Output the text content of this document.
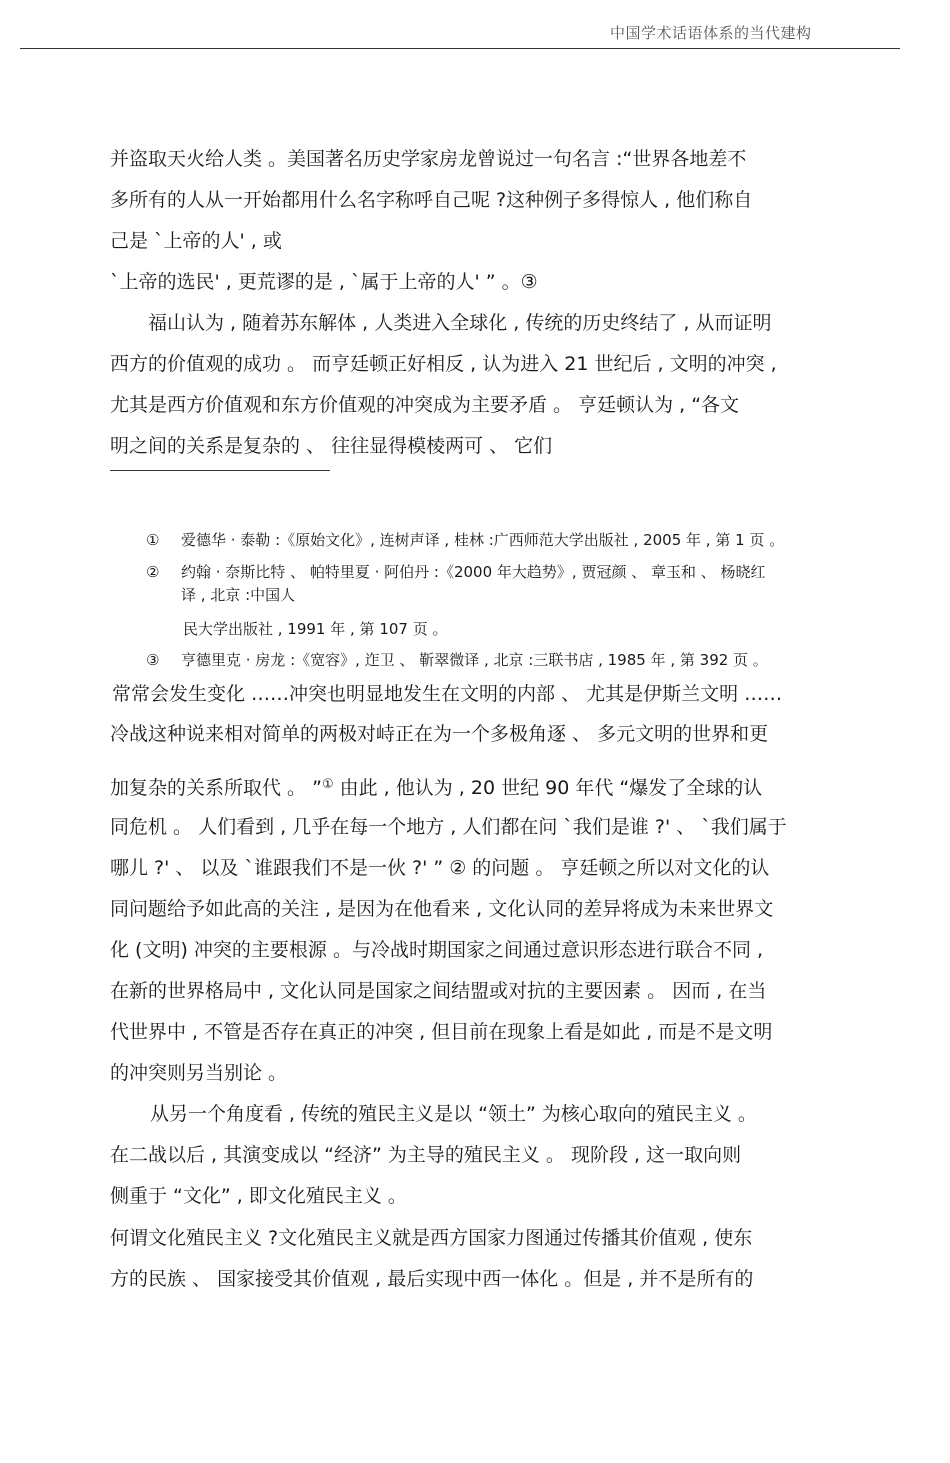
中国学术话语体系的当代建构

并盗取天火给人类 。美国著名历史学家房龙曾说过一句名言 :“世界各地差不

多所有的人从一开始都用什么名字称呼自己呢 ?这种例子多得惊人 , 他们称自

己是 `上帝的人' , 或

`上帝的选民' , 更荒谬的是 , `属于上帝的人' ” 。③

福山认为 , 随着苏东解体 , 人类进入全球化 , 传统的历史终结了 , 从而证明

西方的价值观的成功 。 而亨廷顿正好相反 , 认为进入 21 世纪后 , 文明的冲突 ,

尤其是西方价值观和东方价值观的冲突成为主要矛盾 。 亨廷顿认为 , “各文

明之间的关系是复杂的 、 往往显得模棱两可 、 它们

① 爱德华 · 泰勒 :《原始文化》, 连树声译 , 桂林 :广西师范大学出版社 , 2005 年 , 第 1 页 。

② 约翰 · 奈斯比特 、 帕特里夏 · 阿伯丹 :《2000 年大趋势》, 贾冠颜 、 章玉和 、 杨晓红

译 , 北京 :中国人

民大学出版社 , 1991 年 , 第 107 页 。

③ 亨德里克 · 房龙 :《宽容》, 迮卫 、 靳翠微译 , 北京 :三联书店 , 1985 年 , 第 392 页 。

常常会发生变化 ……冲突也明显地发生在文明的内部 、 尤其是伊斯兰文明 ……

冷战这种说来相对简单的两极对峙正在为一个多极角逐 、 多元文明的世界和更

加复杂的关系所取代 。 ”① 由此 , 他认为 , 20 世纪 90 年代 “爆发了全球的认

同危机 。 人们看到 , 几乎在每一个地方 , 人们都在问 `我们是谁 ?' 、 `我们属于

哪儿 ?' 、 以及 `谁跟我们不是一伙 ?' ” ② 的问题 。 亨廷顿之所以对文化的认

同问题给予如此高的关注 , 是因为在他看来 , 文化认同的差异将成为未来世界文

化 (文明) 冲突的主要根源 。与冷战时期国家之间通过意识形态进行联合不同 ,

在新的世界格局中 , 文化认同是国家之间结盟或对抗的主要因素 。 因而 , 在当

代世界中 , 不管是否存在真正的冲突 , 但目前在现象上看是如此 , 而是不是文明

的冲突则另当别论 。

从另一个角度看 , 传统的殖民主义是以 “领土” 为核心取向的殖民主义 。

在二战以后 , 其演变成以 “经济” 为主导的殖民主义 。 现阶段 , 这一取向则

侧重于 “文化” , 即文化殖民主义 。

何谓文化殖民主义 ?文化殖民主义就是西方国家力图通过传播其价值观 , 使东

方的民族 、 国家接受其价值观 , 最后实现中西一体化 。但是 , 并不是所有的
